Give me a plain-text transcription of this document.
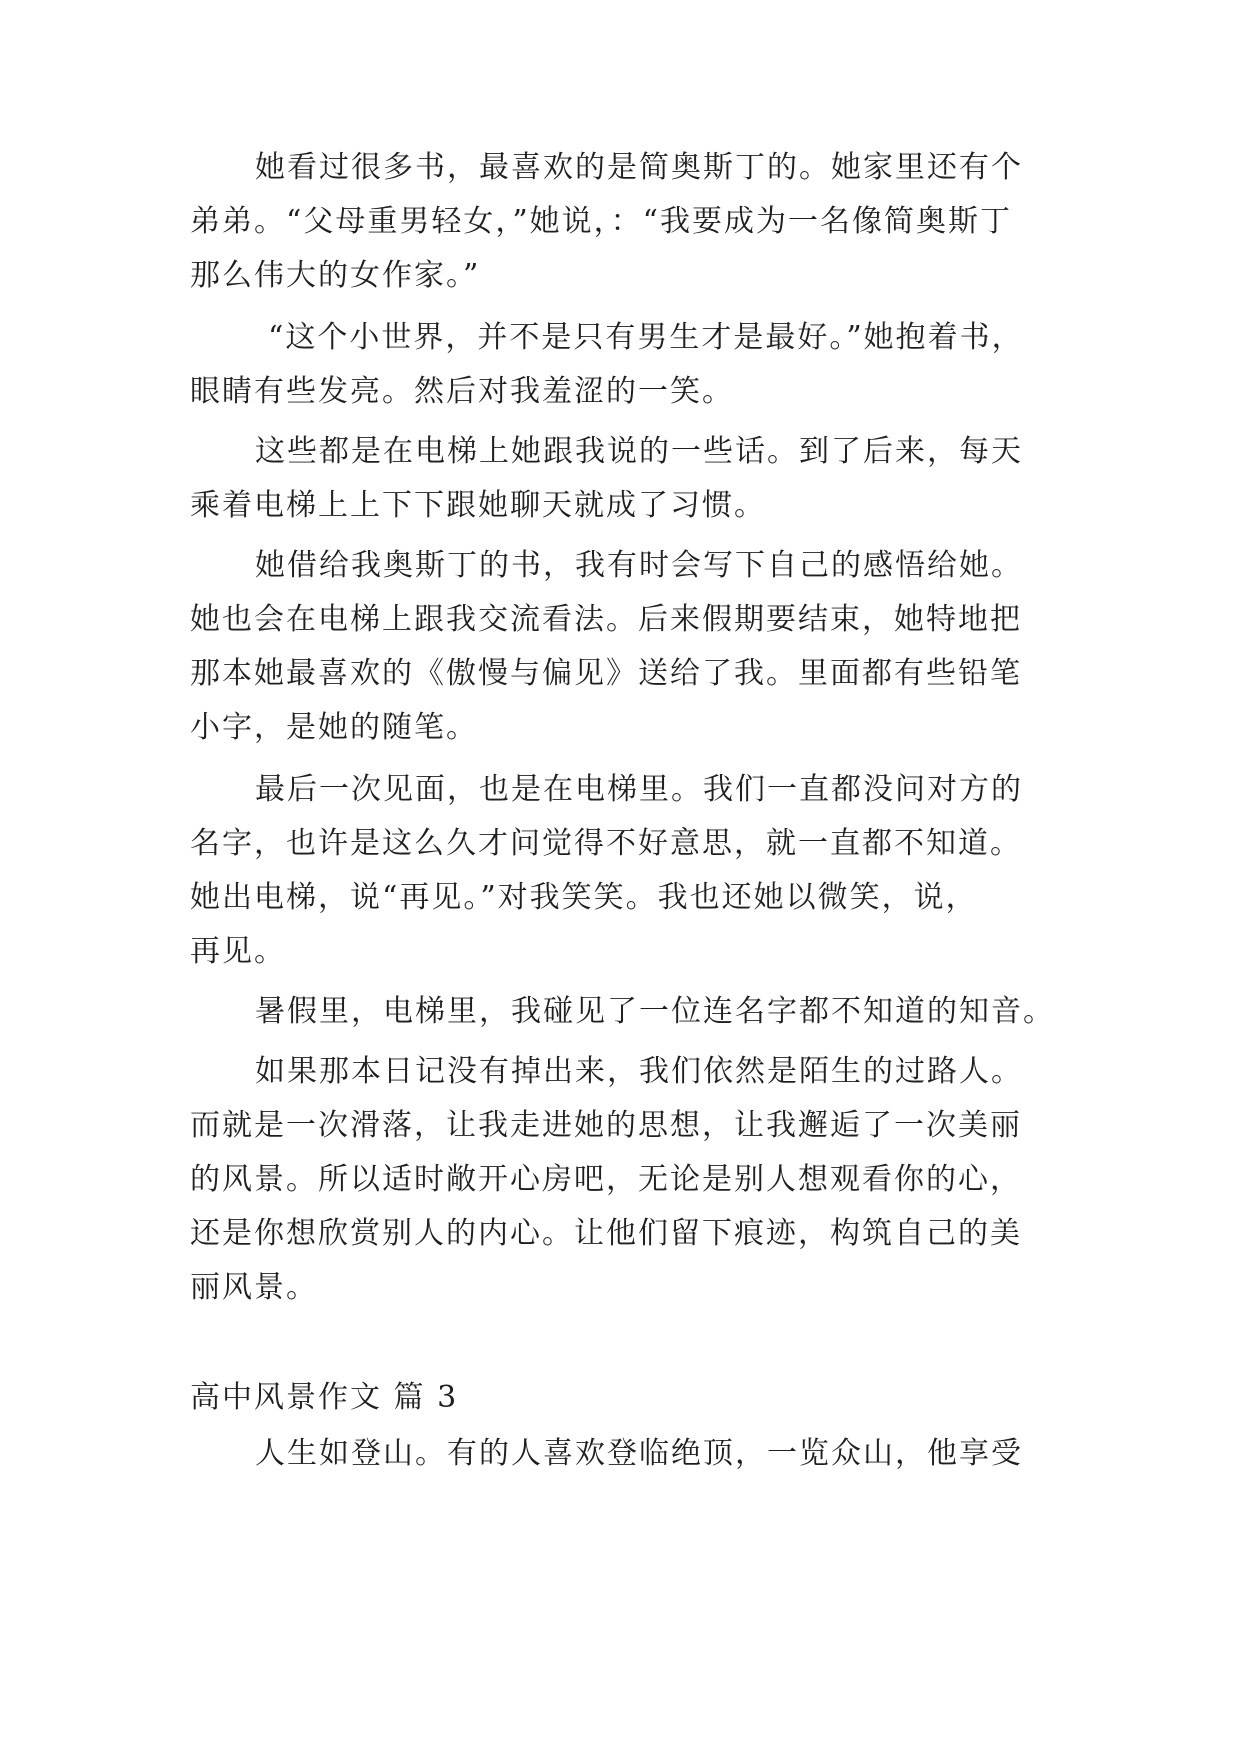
她看过很多书，最喜欢的是简奥斯丁的。她家里还有个
弟弟。“父母重男轻女，”她说，：“我要成为一名像简奥斯丁
那么伟大的女作家。”
“这个小世界，并不是只有男生才是最好。”她抱着书，
眼睛有些发亮。然后对我羞涩的一笑。
这些都是在电梯上她跟我说的一些话。到了后来，每天
乘着电梯上上下下跟她聊天就成了习惯。
她借给我奥斯丁的书，我有时会写下自己的感悟给她。
她也会在电梯上跟我交流看法。后来假期要结束，她特地把
那本她最喜欢的《傲慢与偏见》送给了我。里面都有些铅笔
小字，是她的随笔。
最后一次见面，也是在电梯里。我们一直都没问对方的
名字，也许是这么久才问觉得不好意思，就一直都不知道。
她出电梯，说“再见。”对我笑笑。我也还她以微笑，说，
再见。
暑假里，电梯里，我碰见了一位连名字都不知道的知音。
如果那本日记没有掉出来，我们依然是陌生的过路人。
而就是一次滑落，让我走进她的思想，让我邂逅了一次美丽
的风景。所以适时敞开心房吧，无论是别人想观看你的心，
还是你想欣赏别人的内心。让他们留下痕迹，构筑自己的美
丽风景。
高中风景作文 篇 3
人生如登山。有的人喜欢登临绝顶，一览众山，他享受
